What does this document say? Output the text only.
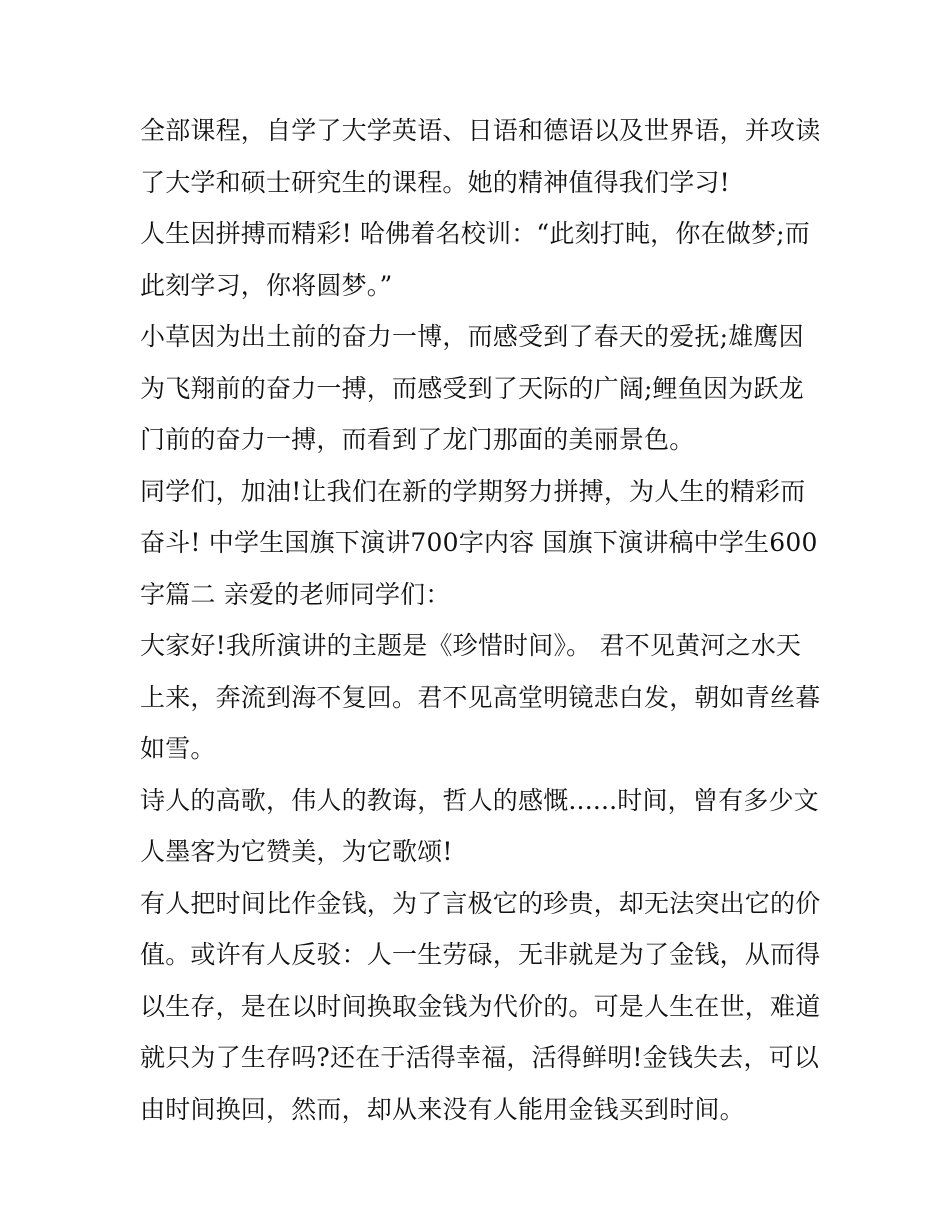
全部课程，自学了大学英语、日语和德语以及世界语，并攻读
了大学和硕士研究生的课程。她的精神值得我们学习!
人生因拼搏而精彩! 哈佛着名校训：“此刻打盹，你在做梦;而
此刻学习，你将圆梦。”
小草因为出土前的奋力一博，而感受到了春天的爱抚;雄鹰因
为飞翔前的奋力一搏，而感受到了天际的广阔;鲤鱼因为跃龙
门前的奋力一搏，而看到了龙门那面的美丽景色。
同学们，加油!让我们在新的学期努力拼搏，为人生的精彩而
奋斗! 中学生国旗下演讲700字内容 国旗下演讲稿中学生600
字篇二 亲爱的老师同学们：
大家好!我所演讲的主题是《珍惜时间》。 君不见黄河之水天
上来，奔流到海不复回。君不见高堂明镜悲白发，朝如青丝暮
如雪。
诗人的高歌，伟人的教诲，哲人的感慨......时间，曾有多少文
人墨客为它赞美，为它歌颂!
有人把时间比作金钱，为了言极它的珍贵，却无法突出它的价
值。或许有人反驳：人一生劳碌，无非就是为了金钱，从而得
以生存，是在以时间换取金钱为代价的。可是人生在世，难道
就只为了生存吗?还在于活得幸福，活得鲜明!金钱失去，可以
由时间换回，然而，却从来没有人能用金钱买到时间。
